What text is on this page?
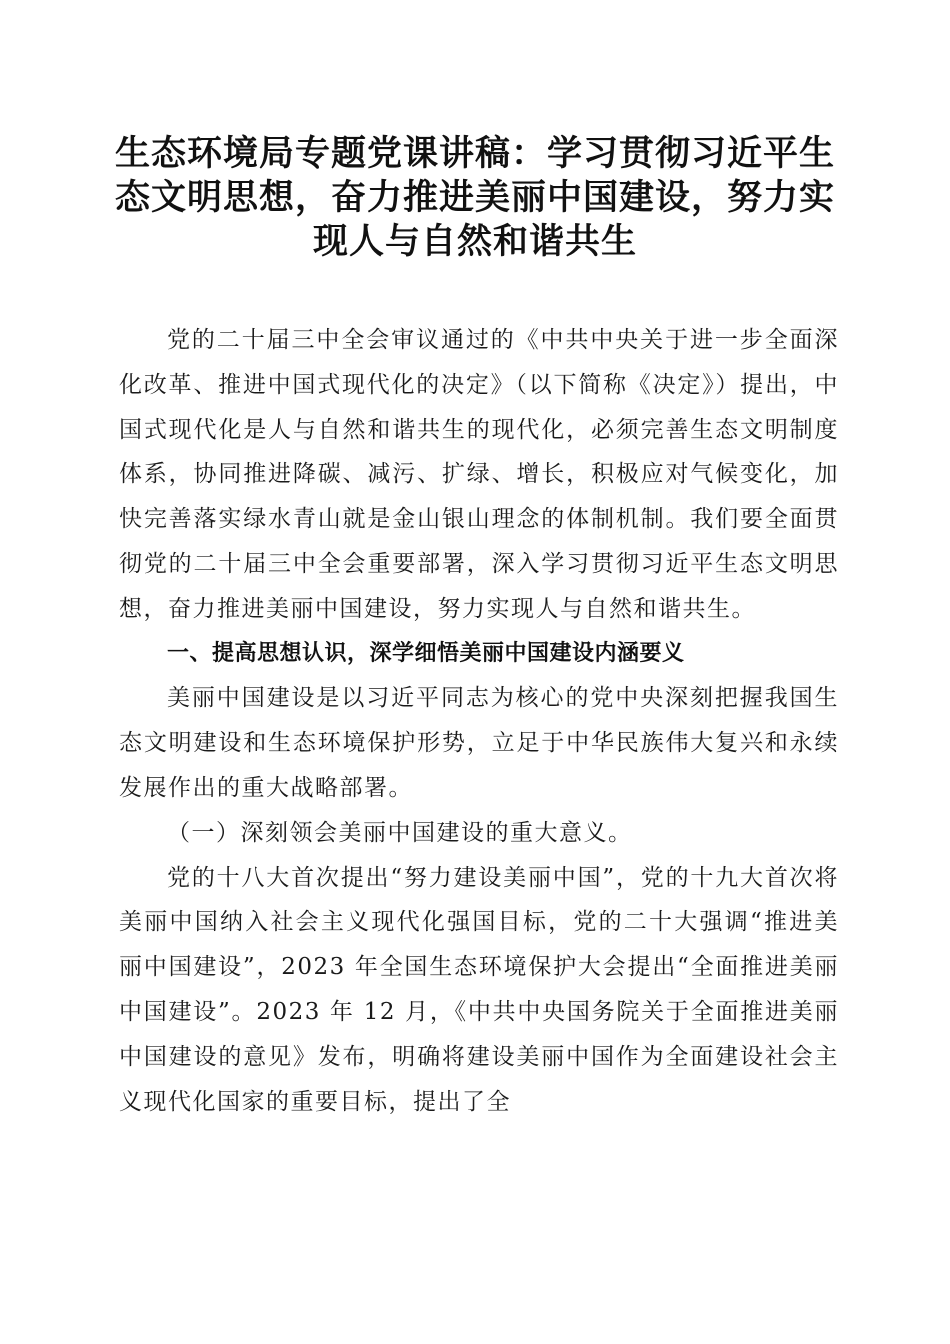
生态环境局专题党课讲稿：学习贯彻习近平生态文明思想，奋力推进美丽中国建设，努力实现人与自然和谐共生

党的二十届三中全会审议通过的《中共中央关于进一步全面深化改革、推进中国式现代化的决定》（以下简称《决定》）提出，中国式现代化是人与自然和谐共生的现代化，必须完善生态文明制度体系，协同推进降碳、减污、扩绿、增长，积极应对气候变化，加快完善落实绿水青山就是金山银山理念的体制机制。我们要全面贯彻党的二十届三中全会重要部署，深入学习贯彻习近平生态文明思想，奋力推进美丽中国建设，努力实现人与自然和谐共生。

一、提高思想认识，深学细悟美丽中国建设内涵要义

美丽中国建设是以习近平同志为核心的党中央深刻把握我国生态文明建设和生态环境保护形势，立足于中华民族伟大复兴和永续发展作出的重大战略部署。

（一）深刻领会美丽中国建设的重大意义。

党的十八大首次提出“努力建设美丽中国”，党的十九大首次将美丽中国纳入社会主义现代化强国目标，党的二十大强调“推进美丽中国建设”，2023 年全国生态环境保护大会提出“全面推进美丽中国建设”。2023 年 12 月，《中共中央国务院关于全面推进美丽中国建设的意见》发布，明确将建设美丽中国作为全面建设社会主义现代化国家的重要目标，提出了全
